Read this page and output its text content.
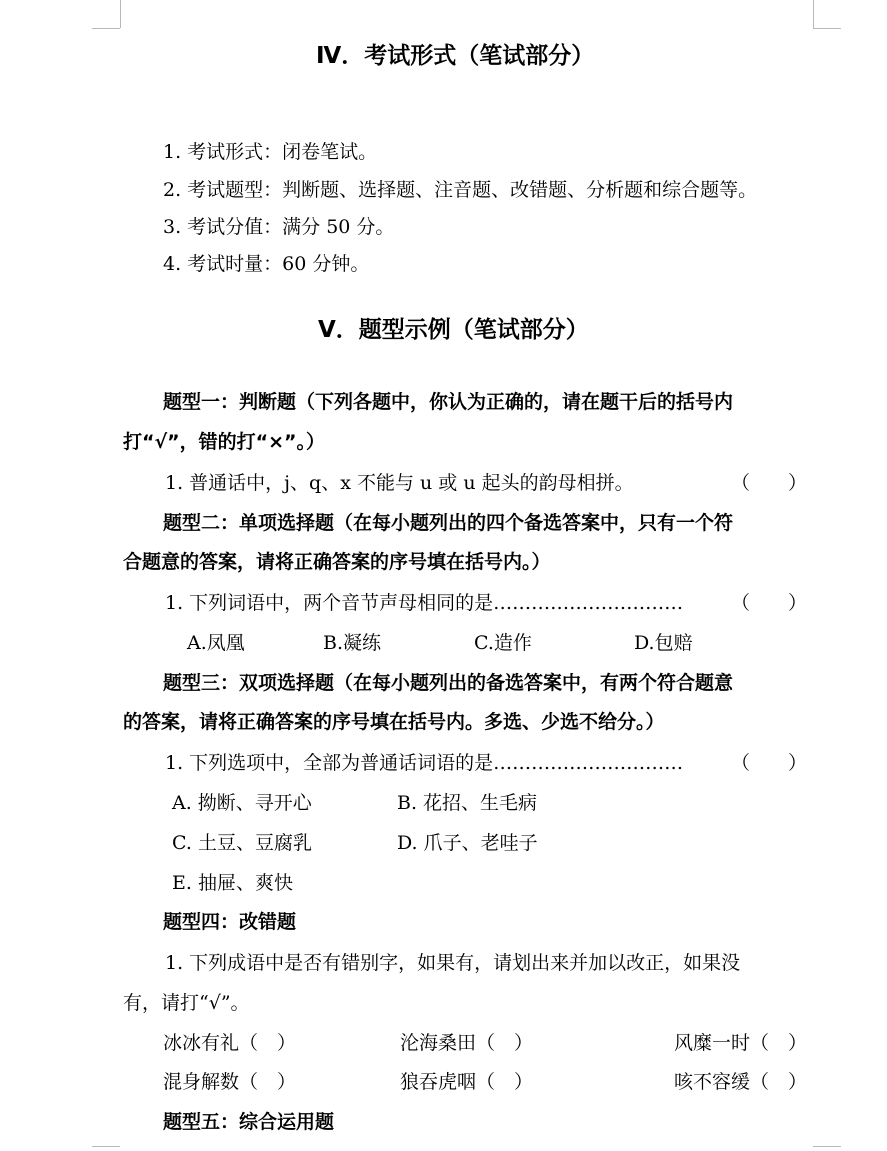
Ⅳ．考试形式（笔试部分）
1. 考试形式：闭卷笔试。
2. 考试题型：判断题、选择题、注音题、改错题、分析题和综合题等。
3. 考试分值：满分 50 分。
4. 考试时量：60 分钟。
Ⅴ．题型示例（笔试部分）
题型一：判断题（下列各题中，你认为正确的，请在题干后的括号内
打“√”，错的打“×”。）
1. 普通话中，j、q、x 不能与 u 或 u 起头的韵母相拼。	（　　）
题型二：单项选择题（在每小题列出的四个备选答案中，只有一个符
合题意的答案，请将正确答案的序号填在括号内。）
1. 下列词语中，两个音节声母相同的是…………………………	（　　）
A.凤凰	B.凝练	C.造作	D.包赔
题型三：双项选择题（在每小题列出的备选答案中，有两个符合题意
的答案，请将正确答案的序号填在括号内。多选、少选不给分。）
1. 下列选项中，全部为普通话词语的是…………………………	（　　）
A. 拗断、寻开心	B. 花招、生毛病
C. 土豆、豆腐乳	D. 爪子、老哇子
E. 抽屉、爽快
题型四：改错题
1. 下列成语中是否有错别字，如果有，请划出来并加以改正，如果没
有，请打“√”。
冰冰有礼（　）	沦海桑田（　）	风糜一时（　）
混身解数（　）	狼吞虎咽（　）	咳不容缓（　）
题型五：综合运用题
